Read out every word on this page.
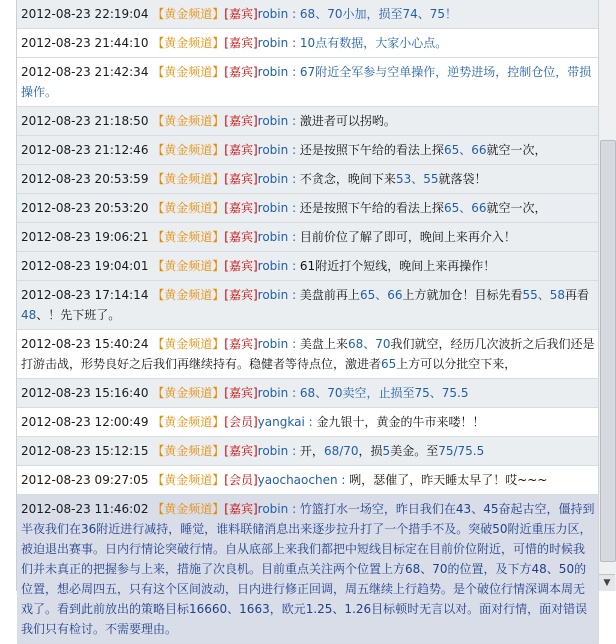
2012-08-23 22:19:04 【黄金频道】[嘉宾]robin : 68、70小加，损至74、75！
2012-08-23 21:44:10 【黄金频道】[嘉宾]robin : 10点有数据，大家小心点。
2012-08-23 21:42:34 【黄金频道】[嘉宾]robin : 67附近全军参与空单操作，逆势进场，控制仓位，带损操作。
2012-08-23 21:18:50 【黄金频道】[嘉宾]robin : 激进者可以拐哟。
2012-08-23 21:12:46 【黄金频道】[嘉宾]robin : 还是按照下午给的看法上探65、66就空一次，
2012-08-23 20:53:59 【黄金频道】[嘉宾]robin : 不贪念，晚间下来53、55就落袋！
2012-08-23 20:53:20 【黄金频道】[嘉宾]robin : 还是按照下午给的看法上探65、66就空一次，
2012-08-23 19:06:21 【黄金频道】[嘉宾]robin : 目前价位了解了即可，晚间上来再介入！
2012-08-23 19:04:01 【黄金频道】[嘉宾]robin : 61附近打个短线，晚间上来再操作！
2012-08-23 17:14:14 【黄金频道】[嘉宾]robin : 美盘前再上65、66上方就加仓！目标先看55、58再看48、！先下班了。
2012-08-23 15:40:24 【黄金频道】[嘉宾]robin : 美盘上来68、70我们就空，经历几次波折之后我们还是打游击战，形势良好之后我们再继续持有。稳健者等待点位，激进者65上方可以分批空下来，
2012-08-23 15:16:40 【黄金频道】[嘉宾]robin : 68、70卖空，止损至75、75.5
2012-08-23 12:00:49 【黄金频道】[会员]yangkai : 金九银十，黄金的牛市来喽！！
2012-08-23 15:12:15 【黄金频道】[嘉宾]robin : 开，68/70，损5美金。至75/75.5
2012-08-23 09:27:05 【黄金频道】[会员]yaochaochen : 咧，瑟催了，昨天睡太早了！哎~~~
2012-08-23 11:46:02 【黄金频道】[嘉宾]robin : 竹篮打水一场空，昨日我们在43、45奋起古空，僵持到半夜我们在36附近进行减持，睡觉，谁料联储消息出来逐步拉升打了一个措手不及。突破50附近重压力区，被迫退出赛事。日内行情论突破行情。自从底部上来我们都把中短线目标定在目前价位附近，可惜的时候我们并未真正的把握参与上来，措施了次良机。目前重点关注两个位置上方68、70的位置，及下方48、50的位置，想必周四五，只有这个区间波动，日内进行修正回调，周五继续上行趋势。是个破位行情深调本周无戏了。看到此前放出的策略目标16660、1663，欧元1.25、1.26目标顿时无言以对。面对行情，面对错误我们只有检讨。不需要理由。
▼
